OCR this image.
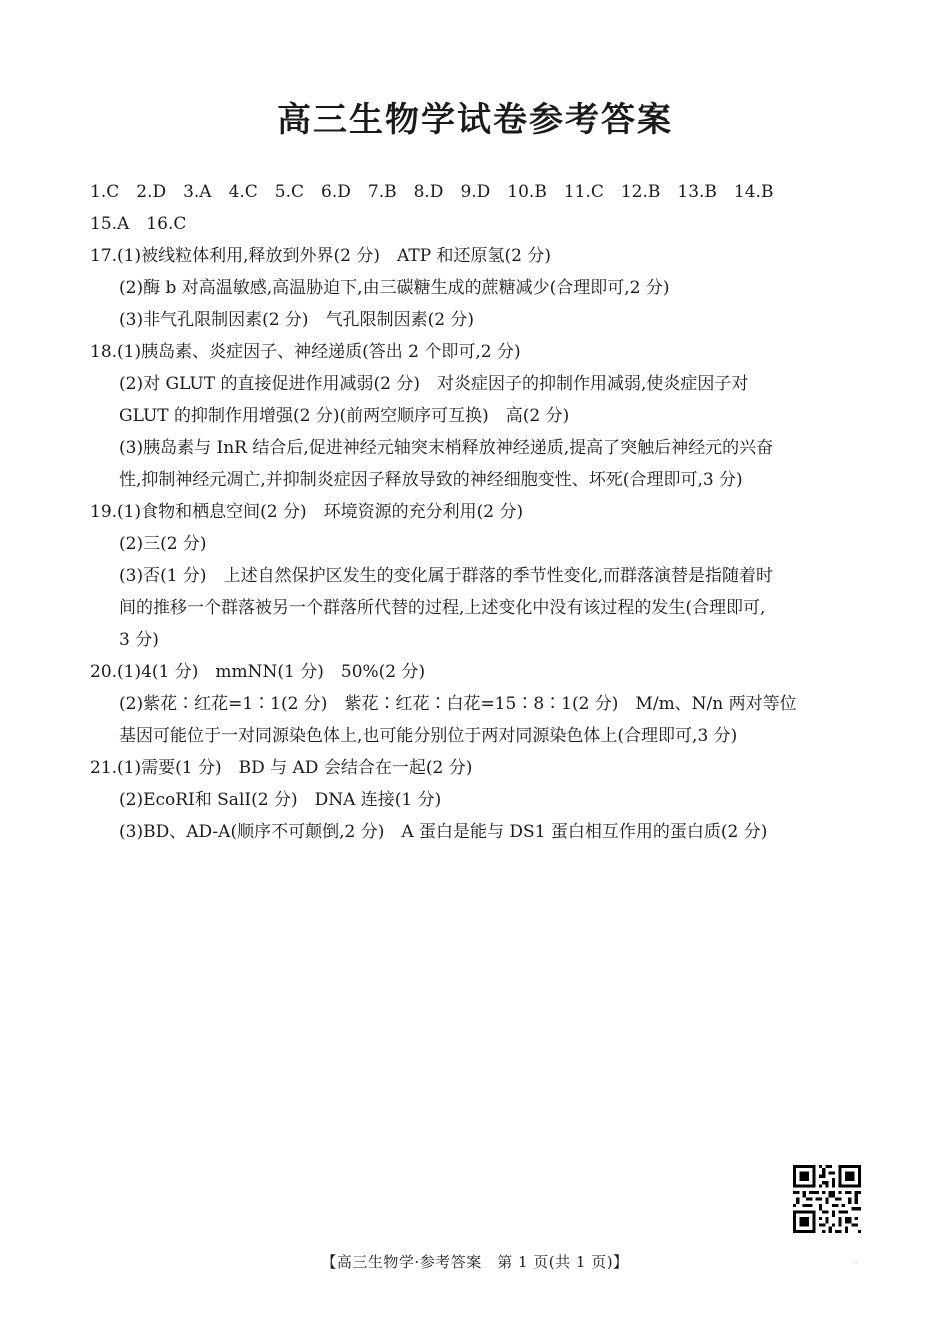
高三生物学试卷参考答案
1.C　2.D　3.A　4.C　5.C　6.D　7.B　8.D　9.D　10.B　11.C　12.B　13.B　14.B
15.A　16.C
17.(1)被线粒体利用,释放到外界(2 分)　ATP 和还原氢(2 分)
(2)酶 b 对高温敏感,高温胁迫下,由三碳糖生成的蔗糖减少(合理即可,2 分)
(3)非气孔限制因素(2 分)　气孔限制因素(2 分)
18.(1)胰岛素、炎症因子、神经递质(答出 2 个即可,2 分)
(2)对 GLUT 的直接促进作用减弱(2 分)　对炎症因子的抑制作用减弱,使炎症因子对
GLUT 的抑制作用增强(2 分)(前两空顺序可互换)　高(2 分)
(3)胰岛素与 InR 结合后,促进神经元轴突末梢释放神经递质,提高了突触后神经元的兴奋
性,抑制神经元凋亡,并抑制炎症因子释放导致的神经细胞变性、坏死(合理即可,3 分)
19.(1)食物和栖息空间(2 分)　环境资源的充分利用(2 分)
(2)三(2 分)
(3)否(1 分)　上述自然保护区发生的变化属于群落的季节性变化,而群落演替是指随着时
间的推移一个群落被另一个群落所代替的过程,上述变化中没有该过程的发生(合理即可,
3 分)
20.(1)4(1 分)　mmNN(1 分)　50%(2 分)
(2)紫花∶红花=1∶1(2 分)　紫花∶红花∶白花=15∶8∶1(2 分)　M/m、N/n 两对等位
基因可能位于一对同源染色体上,也可能分别位于两对同源染色体上(合理即可,3 分)
21.(1)需要(1 分)　BD 与 AD 会结合在一起(2 分)
(2)EcoRⅠ和 SalⅠ(2 分)　DNA 连接(1 分)
(3)BD、AD-A(顺序不可颠倒,2 分)　A 蛋白是能与 DS1 蛋白相互作用的蛋白质(2 分)
【高三生物学·参考答案　第 1 页(共 1 页)】	··
